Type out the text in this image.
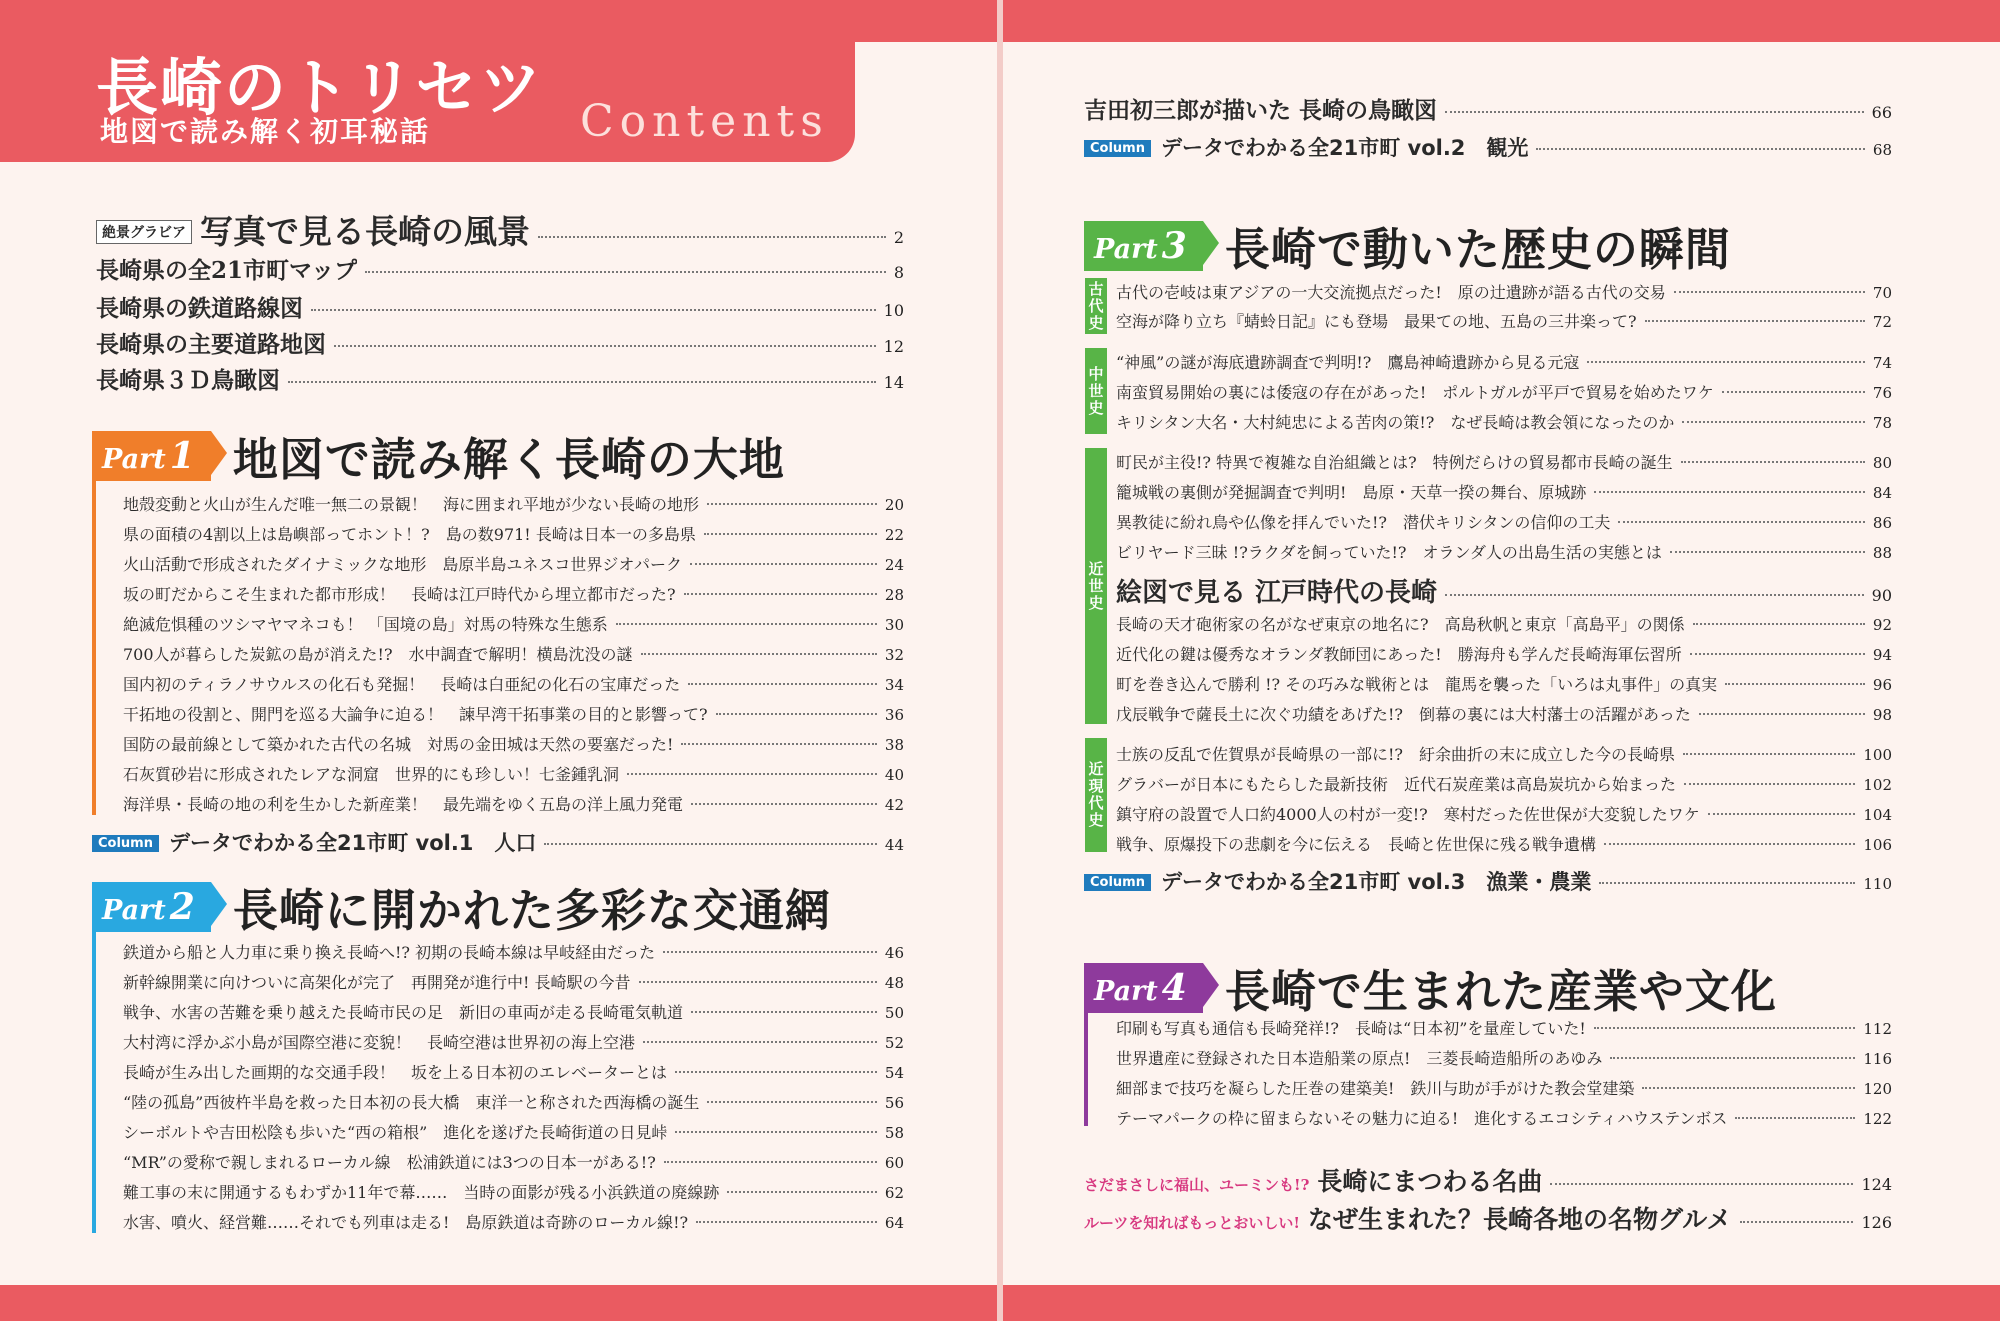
長崎のトリセツ
地図で読み解く初耳秘話	Contents
絶景グラビア 写真で見る長崎の風景	2
長崎県の全21市町マップ	8
長崎県の鉄道路線図	10
長崎県の主要道路地図	12
長崎県３Ｄ鳥瞰図	14
Part 1 地図で読み解く長崎の大地
地殻変動と火山が生んだ唯一無二の景観！　海に囲まれ平地が少ない長崎の地形	20
県の面積の4割以上は島嶼部ってホント！?　島の数971! 長崎は日本一の多島県	22
火山活動で形成されたダイナミックな地形　島原半島ユネスコ世界ジオパーク	24
坂の町だからこそ生まれた都市形成！　長崎は江戸時代から埋立都市だった?	28
絶滅危惧種のツシマヤマネコも！ 「国境の島」対馬の特殊な生態系	30
700人が暮らした炭鉱の島が消えた!?　水中調査で解明！横島沈没の謎	32
国内初のティラノサウルスの化石も発掘！　長崎は白亜紀の化石の宝庫だった	34
干拓地の役割と、開門を巡る大論争に迫る！　諫早湾干拓事業の目的と影響って?	36
国防の最前線として築かれた古代の名城　対馬の金田城は天然の要塞だった!	38
石灰質砂岩に形成されたレアな洞窟　世界的にも珍しい！七釜鍾乳洞	40
海洋県・長崎の地の利を生かした新産業！　最先端をゆく五島の洋上風力発電	42
Column データでわかる全21市町 vol.1　人口	44
Part 2 長崎に開かれた多彩な交通網
鉄道から船と人力車に乗り換え長崎へ!? 初期の長崎本線は早岐経由だった	46
新幹線開業に向けついに高架化が完了　再開発が進行中! 長崎駅の今昔	48
戦争、水害の苦難を乗り越えた長崎市民の足　新旧の車両が走る長崎電気軌道	50
大村湾に浮かぶ小島が国際空港に変貌！　長崎空港は世界初の海上空港	52
長崎が生み出した画期的な交通手段！　坂を上る日本初のエレベーターとは	54
“陸の孤島”西彼杵半島を救った日本初の長大橋　東洋一と称された西海橋の誕生	56
シーボルトや吉田松陰も歩いた“西の箱根”　進化を遂げた長崎街道の日見峠	58
“MR”の愛称で親しまれるローカル線　松浦鉄道には3つの日本一がある!?	60
難工事の末に開通するもわずか11年で幕……　当時の面影が残る小浜鉄道の廃線跡	62
水害、噴火、経営難……それでも列車は走る!　島原鉄道は奇跡のローカル線!?	64
吉田初三郎が描いた 長崎の鳥瞰図	66
Column データでわかる全21市町 vol.2　観光	68
Part 3 長崎で動いた歴史の瞬間
古代史
中世史
近世史
近現代史
古代の壱岐は東アジアの一大交流拠点だった!　原の辻遺跡が語る古代の交易	70
空海が降り立ち『蜻蛉日記』にも登場　最果ての地、五島の三井楽って?	72
“神風”の謎が海底遺跡調査で判明!?　鷹島神崎遺跡から見る元寇	74
南蛮貿易開始の裏には倭寇の存在があった!　ポルトガルが平戸で貿易を始めたワケ	76
キリシタン大名・大村純忠による苦肉の策!?　なぜ長崎は教会領になったのか	78
町民が主役!? 特異で複雑な自治組織とは?　特例だらけの貿易都市長崎の誕生	80
籠城戦の裏側が発掘調査で判明!　島原・天草一揆の舞台、原城跡	84
異教徒に紛れ鳥や仏像を拝んでいた!?　潜伏キリシタンの信仰の工夫	86
ビリヤード三昧 !?ラクダを飼っていた!?　オランダ人の出島生活の実態とは	88
絵図で見る 江戸時代の長崎	90
長崎の天才砲術家の名がなぜ東京の地名に?　高島秋帆と東京「高島平」の関係	92
近代化の鍵は優秀なオランダ教師団にあった!　勝海舟も学んだ長崎海軍伝習所	94
町を巻き込んで勝利 !? その巧みな戦術とは　龍馬を襲った「いろは丸事件」の真実	96
戊辰戦争で薩長土に次ぐ功績をあげた!?　倒幕の裏には大村藩士の活躍があった	98
士族の反乱で佐賀県が長崎県の一部に!?　紆余曲折の末に成立した今の長崎県	100
グラバーが日本にもたらした最新技術　近代石炭産業は高島炭坑から始まった	102
鎮守府の設置で人口約4000人の村が一変!?　寒村だった佐世保が大変貌したワケ	104
戦争、原爆投下の悲劇を今に伝える　長崎と佐世保に残る戦争遺構	106
Column データでわかる全21市町 vol.3　漁業・農業	110
Part 4 長崎で生まれた産業や文化
印刷も写真も通信も長崎発祥!?　長崎は“日本初”を量産していた!	112
世界遺産に登録された日本造船業の原点!　三菱長崎造船所のあゆみ	116
細部まで技巧を凝らした圧巻の建築美!　鉄川与助が手がけた教会堂建築	120
テーマパークの枠に留まらないその魅力に迫る!　進化するエコシティハウステンボス	122
さだまさしに福山、ユーミンも!? 長崎にまつわる名曲	124
ルーツを知ればもっとおいしい! なぜ生まれた？長崎各地の名物グルメ	126
